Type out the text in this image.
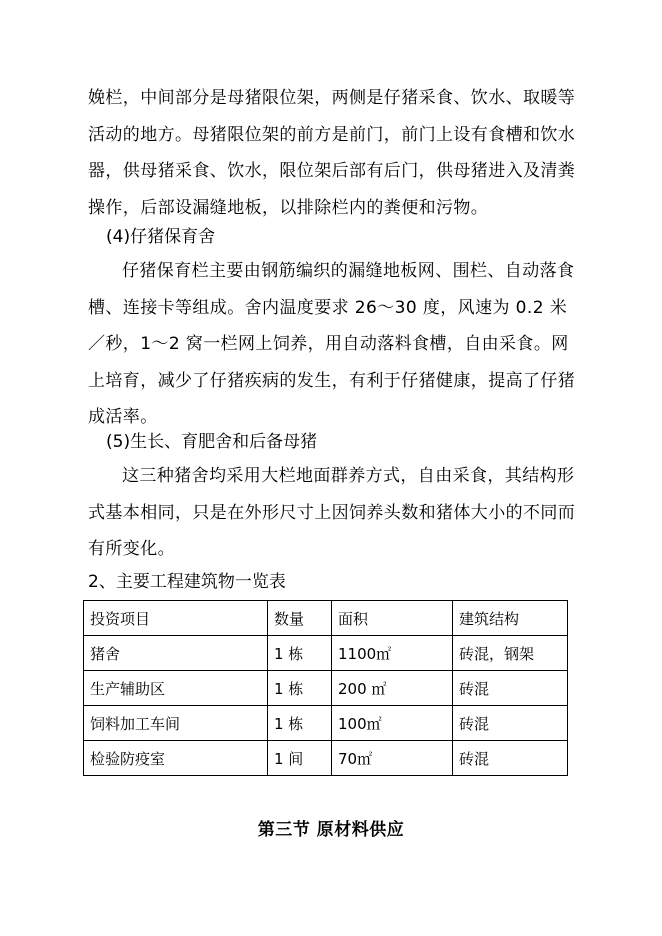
娩栏，中间部分是母猪限位架，两侧是仔猪采食、饮水、取暖等活动的地方。母猪限位架的前方是前门，前门上设有食槽和饮水器，供母猪采食、饮水，限位架后部有后门，供母猪进入及清粪操作，后部设漏缝地板，以排除栏内的粪便和污物。

(4)仔猪保育舍

仔猪保育栏主要由钢筋编织的漏缝地板网、围栏、自动落食槽、连接卡等组成。舍内温度要求 26～30 度，风速为 0.2 米／秒，1～2 窝一栏网上饲养，用自动落料食槽，自由采食。网上培育，减少了仔猪疾病的发生，有利于仔猪健康，提高了仔猪成活率。

(5)生长、育肥舍和后备母猪

这三种猪舍均采用大栏地面群养方式，自由采食，其结构形式基本相同，只是在外形尺寸上因饲养头数和猪体大小的不同而有所变化。

2、主要工程建筑物一览表

投资项目	数量	面积	建筑结构
猪舍	1 栋	1100㎡	砖混，钢架
生产辅助区	1 栋	200 ㎡	砖混
饲料加工车间	1 栋	100㎡	砖混
检验防疫室	1 间	70㎡	砖混

第三节 原材料供应
